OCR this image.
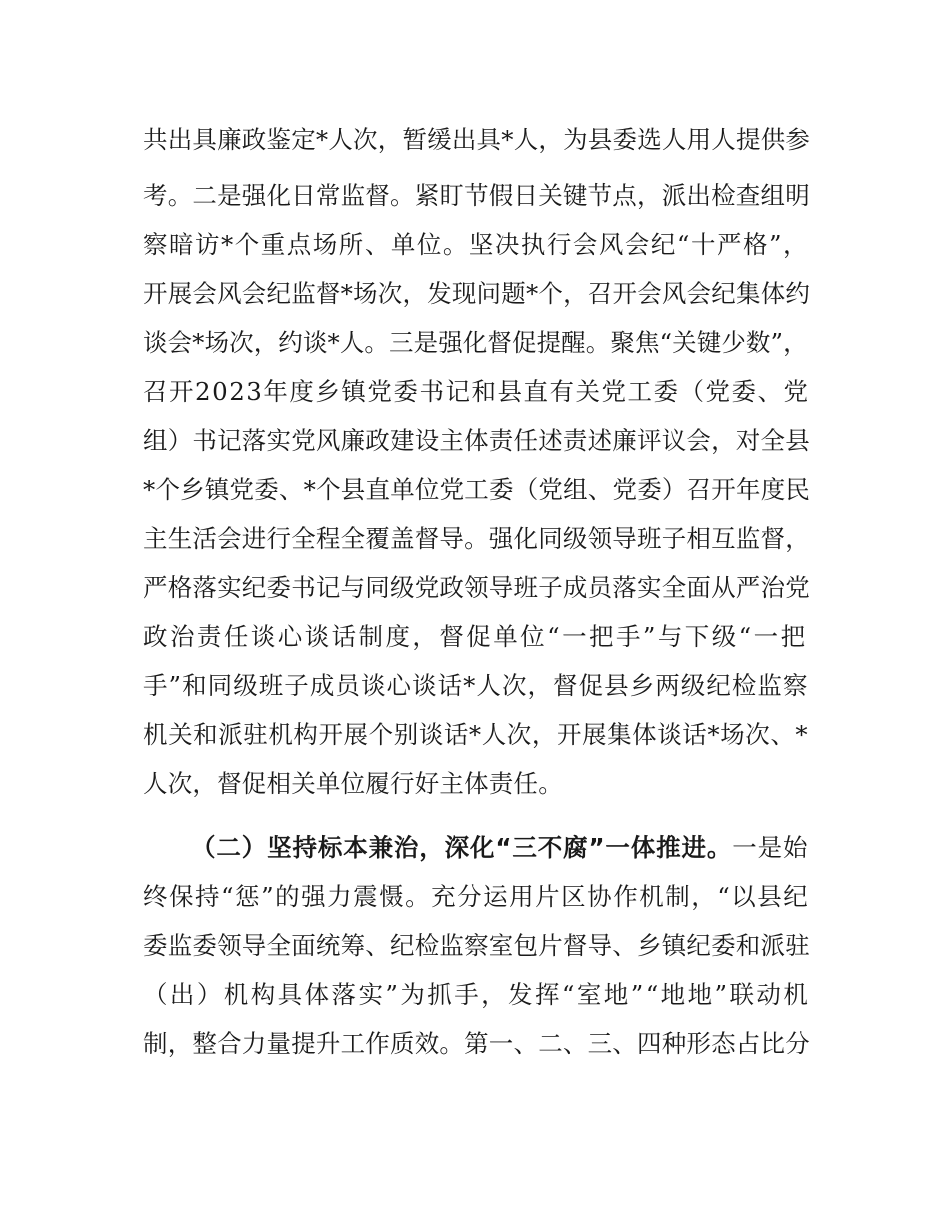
共出具廉政鉴定*人次，暂缓出具*人，为县委选人用人提供参
考。二是强化日常监督。紧盯节假日关键节点，派出检查组明
察暗访*个重点场所、单位。坚决执行会风会纪“十严格”，
开展会风会纪监督*场次，发现问题*个，召开会风会纪集体约
谈会*场次，约谈*人。三是强化督促提醒。聚焦“关键少数”，
召开2023年度乡镇党委书记和县直有关党工委（党委、党
组）书记落实党风廉政建设主体责任述责述廉评议会，对全县
*个乡镇党委、*个县直单位党工委（党组、党委）召开年度民
主生活会进行全程全覆盖督导。强化同级领导班子相互监督，
严格落实纪委书记与同级党政领导班子成员落实全面从严治党
政治责任谈心谈话制度，督促单位“一把手”与下级“一把
手”和同级班子成员谈心谈话*人次，督促县乡两级纪检监察
机关和派驻机构开展个别谈话*人次，开展集体谈话*场次、*
人次，督促相关单位履行好主体责任。
（二）坚持标本兼治，深化“三不腐”一体推进。一是始
终保持“惩”的强力震慑。充分运用片区协作机制，“以县纪
委监委领导全面统筹、纪检监察室包片督导、乡镇纪委和派驻
（出）机构具体落实”为抓手，发挥“室地”“地地”联动机
制，整合力量提升工作质效。第一、二、三、四种形态占比分
